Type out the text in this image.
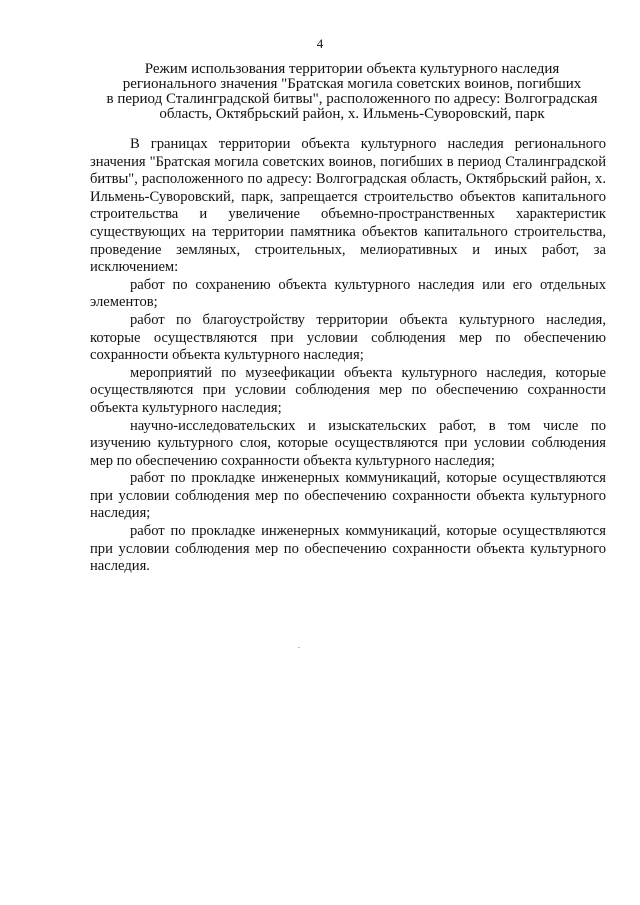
4
Режим использования территории объекта культурного наследия
регионального значения "Братская могила советских воинов, погибших
в период Сталинградской битвы", расположенного по адресу: Волгоградская
область, Октябрьский район, х. Ильмень-Суворовский, парк

В границах территории объекта культурного наследия регионального значения "Братская могила советских воинов, погибших в период Сталинградской битвы", расположенного по адресу: Волгоградская область, Октябрьский район, х. Ильмень-Суворовский, парк, запрещается строительство объектов капитального строительства и увеличение объемно-пространственных характеристик существующих на территории памятника объектов капитального строительства, проведение земляных, строительных, мелиоративных и иных работ, за исключением:

работ по сохранению объекта культурного наследия или его отдельных элементов;

работ по благоустройству территории объекта культурного наследия, которые осуществляются при условии соблюдения мер по обеспечению сохранности объекта культурного наследия;

мероприятий по музеефикации объекта культурного наследия, которые осуществляются при условии соблюдения мер по обеспечению сохранности объекта культурного наследия;

научно-исследовательских и изыскательских работ, в том числе по изучению культурного слоя, которые осуществляются при условии соблюдения мер по обеспечению сохранности объекта культурного наследия;

работ по прокладке инженерных коммуникаций, которые осуществляются при условии соблюдения мер по обеспечению сохранности объекта культурного наследия;

работ по прокладке инженерных коммуникаций, которые осуществляются при условии соблюдения мер по обеспечению сохранности объекта культурного наследия.
